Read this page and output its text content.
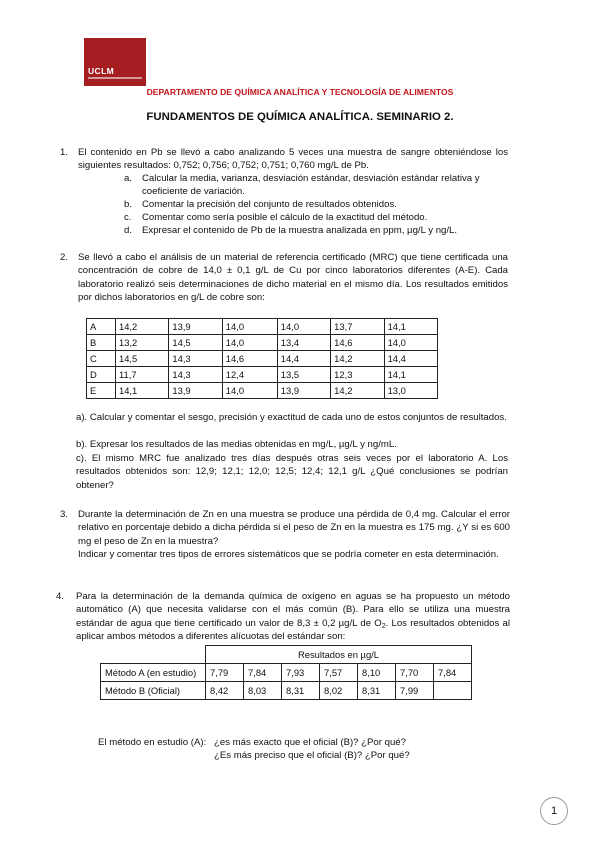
UCLM
DEPARTAMENTO DE QUÍMICA ANALÍTICA Y TECNOLOGÍA DE ALIMENTOS
FUNDAMENTOS DE QUÍMICA ANALÍTICA. SEMINARIO 2.
1. El contenido en Pb se llevó a cabo analizando 5 veces una muestra de sangre obteniéndose los siguientes resultados: 0,752; 0,756; 0,752; 0,751; 0,760 mg/L de Pb.
a. Calcular la media, varianza, desviación estándar, desviación estándar relativa y coeficiente de variación.
b. Comentar la precisión del conjunto de resultados obtenidos.
c. Comentar como sería posible el cálculo de la exactitud del método.
d. Expresar el contenido de Pb de la muestra analizada en ppm, µg/L y ng/L.
2. Se llevó a cabo el análisis de un material de referencia certificado (MRC) que tiene certificada una concentración de cobre de 14,0 ± 0,1 g/L de Cu por cinco laboratorios diferentes (A-E). Cada laboratorio realizó seis determinaciones de dicho material en el mismo día. Los resultados emitidos por dichos laboratorios en g/L de cobre son:
A	14,2	13,9	14,0	14,0	13,7	14,1
B	13,2	14,5	14,0	13,4	14,6	14,0
C	14,5	14,3	14,6	14,4	14,2	14,4
D	11,7	14,3	12,4	13,5	12,3	14,1
E	14,1	13,9	14,0	13,9	14,2	13,0
a). Calcular y comentar el sesgo, precisión y exactitud de cada uno de estos conjuntos de resultados.
b). Expresar los resultados de las medias obtenidas en mg/L, µg/L y ng/mL.
c). El mismo MRC fue analizado tres días después otras seis veces por el laboratorio A. Los resultados obtenidos son: 12,9; 12,1; 12,0; 12,5; 12,4; 12,1 g/L ¿Qué conclusiones se podrían obtener?
3. Durante la determinación de Zn en una muestra se produce una pérdida de 0,4 mg. Calcular el error relativo en porcentaje debido a dicha pérdida si el peso de Zn en la muestra es 175 mg. ¿Y si es 600 mg el peso de Zn en la muestra?
Indicar y comentar tres tipos de errores sistemáticos que se podría cometer en esta determinación.
4. Para la determinación de la demanda química de oxígeno en aguas se ha propuesto un método automático (A) que necesita validarse con el más común (B). Para ello se utiliza una muestra estándar de agua que tiene certificado un valor de 8,3 ± 0,2 µg/L de $O_2$. Los resultados obtenidos al aplicar ambos métodos a diferentes alícuotas del estándar son:
	Resultados en µg/L						
Método A (en estudio)	7,79	7,84	7,93	7,57	8,10	7,70	7,84
Método B (Oficial)	8,42	8,03	8,31	8,02	8,31	7,99	
El método en estudio (A): ¿es más exacto que el oficial (B)? ¿Por qué?
¿Es más preciso que el oficial (B)? ¿Por qué?
1
